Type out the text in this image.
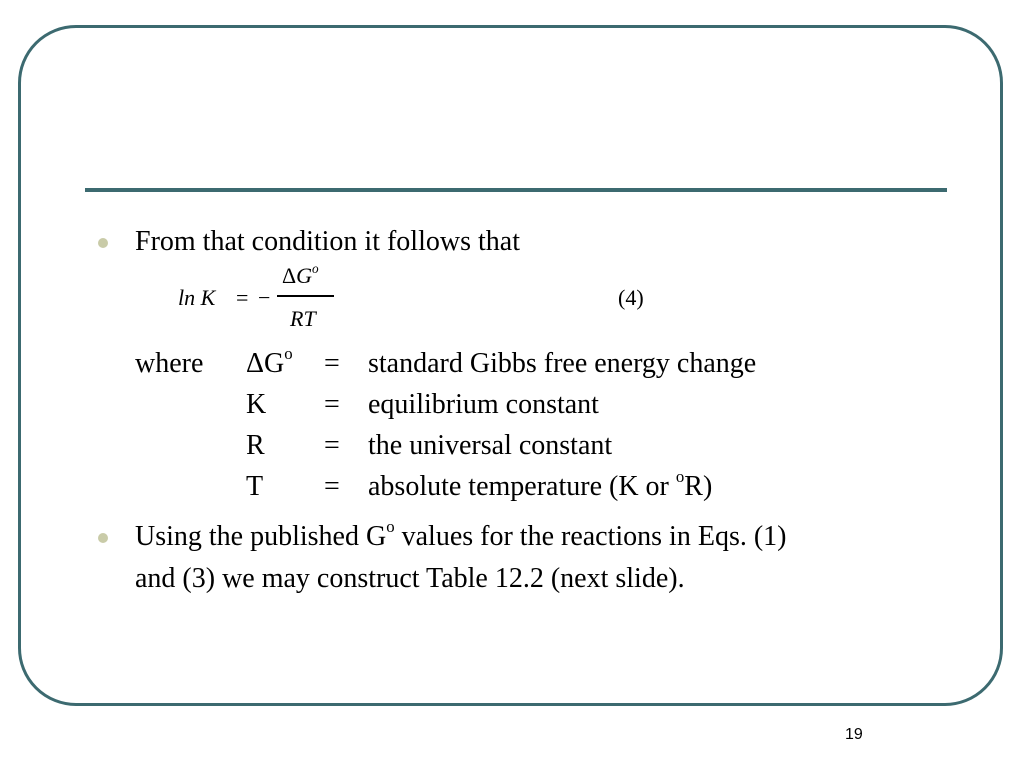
From that condition it follows that
ln K = −
$\Delta G^o$
RT
(4)
where $\Delta G^o$ = standard Gibbs free energy change
K = equilibrium constant
R = the universal constant
T = absolute temperature (K or $^o$R)
Using the published $G^o$ values for the reactions in Eqs. (1)
and (3) we may construct Table 12.2 (next slide).
19
